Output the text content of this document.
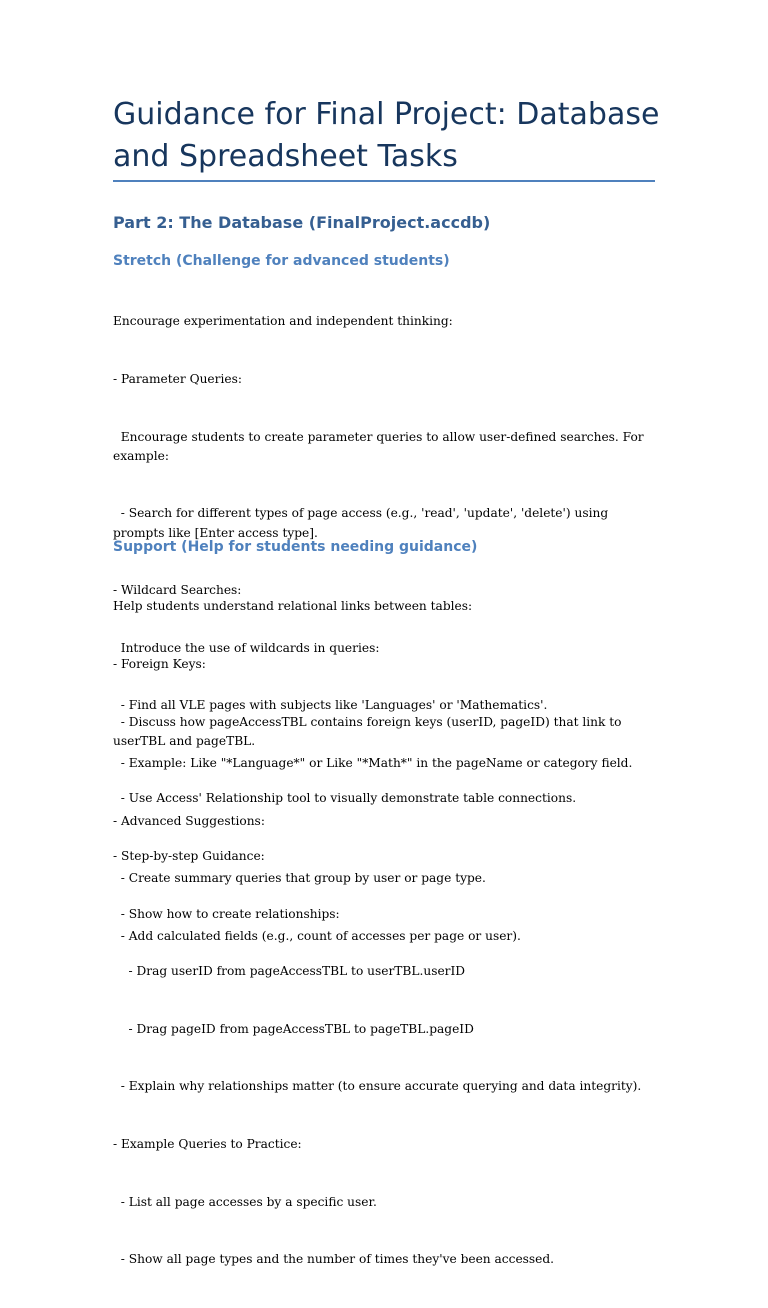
Guidance for Final Project: Database and Spreadsheet Tasks
Part 2: The Database (FinalProject.accdb)
Stretch (Challenge for advanced students)

Encourage experimentation and independent thinking:

- Parameter Queries:

Encourage students to create parameter queries to allow user-defined searches. For example:

- Search for different types of page access (e.g., 'read', 'update', 'delete') using prompts like [Enter access type].

- Wildcard Searches:

Introduce the use of wildcards in queries:

- Find all VLE pages with subjects like 'Languages' or 'Mathematics'.

- Example: Like "*Language*" or Like "*Math*" in the pageName or category field.

- Advanced Suggestions:

- Create summary queries that group by user or page type.

- Add calculated fields (e.g., count of accesses per page or user).

Support (Help for students needing guidance)

Help students understand relational links between tables:

- Foreign Keys:

- Discuss how pageAccessTBL contains foreign keys (userID, pageID) that link to userTBL and pageTBL.

- Use Access' Relationship tool to visually demonstrate table connections.

- Step-by-step Guidance:

- Show how to create relationships:

- Drag userID from pageAccessTBL to userTBL.userID

- Drag pageID from pageAccessTBL to pageTBL.pageID

- Explain why relationships matter (to ensure accurate querying and data integrity).

- Example Queries to Practice:

- List all page accesses by a specific user.

- Show all page types and the number of times they've been accessed.
